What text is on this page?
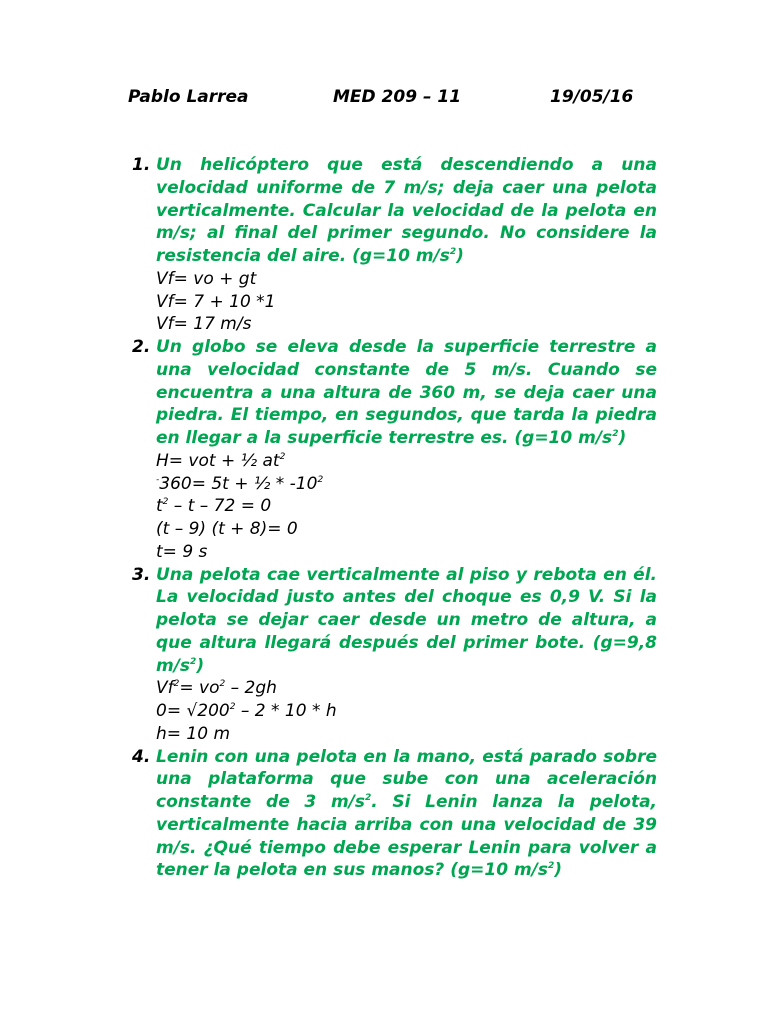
Pablo Larrea	MED 209 – 11	19/05/16
Un helicóptero que está descendiendo a una velocidad uniforme de 7 m/s; deja caer una pelota verticalmente. Calcular la velocidad de la pelota en m/s; al final del primer segundo. No considere la resistencia del aire. (g=10 $m/s^2$)
Vf= vo + gt
Vf= 7 + 10 *1
Vf= 17 m/s
Un globo se eleva desde la superficie terrestre a una velocidad constante de 5 m/s. Cuando se encuentra a una altura de 360 m, se deja caer una piedra. El tiempo, en segundos, que tarda la piedra en llegar a la superficie terrestre es. (g=10 $m/s^2$)
H= vot + ½ $at^2$
-360= 5t + ½ * $-10^2$
$t^2 - t - 72 = 0$
(t – 9) (t + 8)= 0
t= 9 s
Una pelota cae verticalmente al piso y rebota en él. La velocidad justo antes del choque es 0,9 V. Si la pelota se dejar caer desde un metro de altura, a que altura llegará después del primer bote. (g=9,8 $m/s^2$)
$Vf^2= vo^2 - 2gh$
$0= √200^2 - 2 * 10 * h$
h= 10 m
Lenin con una pelota en la mano, está parado sobre una plataforma que sube con una aceleración constante de 3 $m/s^2$. Si Lenin lanza la pelota, verticalmente hacia arriba con una velocidad de 39 m/s. ¿Qué tiempo debe esperar Lenin para volver a tener la pelota en sus manos? (g=10 $m/s^2$)
